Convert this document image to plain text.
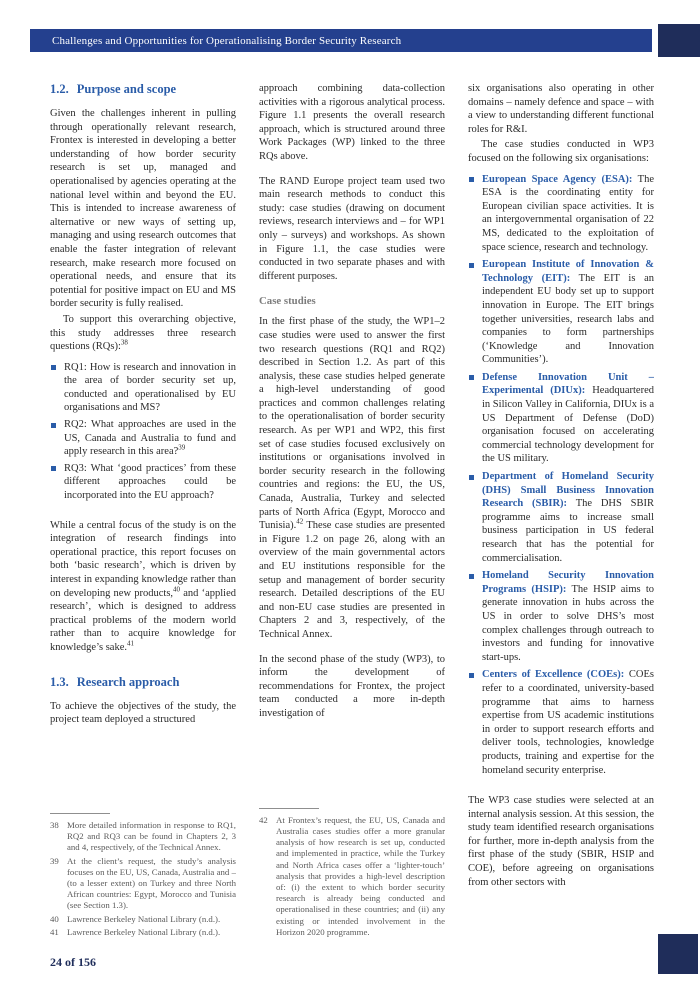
Challenges and Opportunities for Operationalising Border Security Research
1.2. Purpose and scope

Given the challenges inherent in pulling through operationally relevant research, Frontex is interested in developing a better understanding of how border security research is set up, managed and operationalised by agencies operating at the national level within and beyond the EU. This is intended to increase awareness of alternative or new ways of setting up, managing and using research outcomes that enable the faster integration of relevant research, make research more focused on operational needs, and ensure that its potential for positive impact on EU and MS border security is fully realised.

To support this overarching objective, this study addresses three research questions (RQs):$^{38}$

RQ1: How is research and innovation in the area of border security set up, conducted and operationalised by EU organisations and MS?
RQ2: What approaches are used in the US, Canada and Australia to fund and apply research in this area?$^{39}$
RQ3: What ‘good practices’ from these different approaches could be incorporated into the EU approach?

While a central focus of the study is on the integration of research findings into operational practice, this report focuses on both ‘basic research’, which is driven by interest in expanding knowledge rather than on developing new products,$^{40}$ and ‘applied research’, which is designed to address practical problems of the modern world rather than to acquire knowledge for knowledge’s sake.$^{41}$

1.3. Research approach

To achieve the objectives of the study, the project team deployed a structured

38 More detailed information in response to RQ1, RQ2 and RQ3 can be found in Chapters 2, 3 and 4, respectively, of the Technical Annex.
39 At the client’s request, the study’s analysis focuses on the EU, US, Canada, Australia and – (to a lesser extent) on Turkey and three North African countries: Egypt, Morocco and Tunisia (see Section 1.3).
40 Lawrence Berkeley National Library (n.d.).
41 Lawrence Berkeley National Library (n.d.).

approach combining data-collection activities with a rigorous analytical process. Figure 1.1 presents the overall research approach, which is structured around three Work Packages (WP) linked to the three RQs above.

The RAND Europe project team used two main research methods to conduct this study: case studies (drawing on document reviews, research interviews and – for WP1 only – surveys) and workshops. As shown in Figure 1.1, the case studies were conducted in two separate phases and with different purposes.

Case studies

In the first phase of the study, the WP1–2 case studies were used to answer the first two research questions (RQ1 and RQ2) described in Section 1.2. As part of this analysis, these case studies helped generate a high-level understanding of good practices and common challenges relating to the operationalisation of border security research. As per WP1 and WP2, this first set of case studies focused exclusively on institutions or organisations involved in border security research in the following countries and regions: the EU, the US, Canada, Australia, Turkey and selected parts of North Africa (Egypt, Morocco and Tunisia).$^{42}$ These case studies are presented in Figure 1.2 on page 26, along with an overview of the main governmental actors and EU institutions responsible for the setup and management of border security research. Detailed descriptions of the EU and non-EU case studies are presented in Chapters 2 and 3, respectively, of the Technical Annex.

In the second phase of the study (WP3), to inform the development of recommendations for Frontex, the project team conducted a more in-depth investigation of

42 At Frontex’s request, the EU, US, Canada and Australia cases studies offer a more granular analysis of how research is set up, conducted and implemented in practice, while the Turkey and North Africa cases offer a ‘lighter-touch’ analysis that provides a high-level description of: (i) the extent to which border security research is already being conducted and operationalised in these countries; and (ii) any existing or intended involvement in the Horizon 2020 programme.

six organisations also operating in other domains – namely defence and space – with a view to understanding different functional roles for R&I.

The case studies conducted in WP3 focused on the following six organisations:

European Space Agency (ESA): The ESA is the coordinating entity for European civilian space activities. It is an intergovernmental organisation of 22 MS, dedicated to the exploitation of space science, research and technology.
European Institute of Innovation & Technology (EIT): The EIT is an independent EU body set up to support innovation in Europe. The EIT brings together universities, research labs and companies to form partnerships (‘Knowledge and Innovation Communities’).
Defense Innovation Unit – Experimental (DIUx): Headquartered in Silicon Valley in California, DIUx is a US Department of Defense (DoD) organisation focused on accelerating commercial technology development for the US military.
Department of Homeland Security (DHS) Small Business Innovation Research (SBIR): The DHS SBIR programme aims to increase small business participation in US federal research that has the potential for commercialisation.
Homeland Security Innovation Programs (HSIP): The HSIP aims to generate innovation in hubs across the US in order to solve DHS’s most complex challenges through outreach to investors and funding for innovative start-ups.
Centers of Excellence (COEs): COEs refer to a coordinated, university-based programme that aims to harness expertise from US academic institutions in order to support research efforts and deliver tools, technologies, knowledge products, training and expertise for the homeland security enterprise.

The WP3 case studies were selected at an internal analysis session. At this session, the study team identified research organisations for further, more in-depth analysis from the first phase of the study (SBIR, HSIP and COE), before agreeing on organisations from other sectors with

24 of 156
